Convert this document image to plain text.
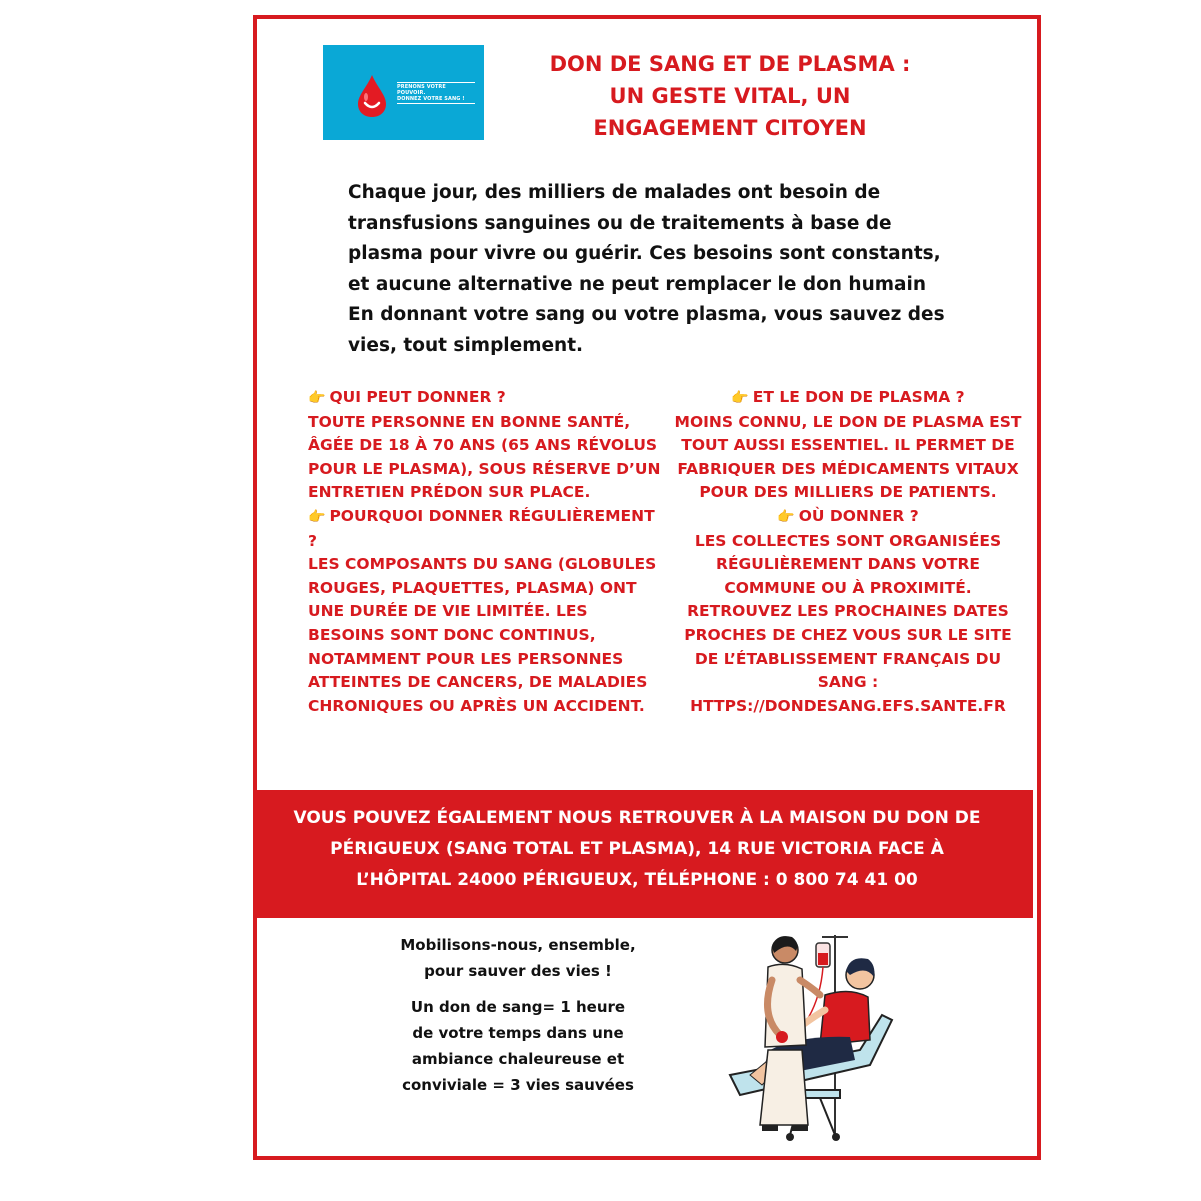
PRENONS VOTRE POUVOIR.
DONNEZ VOTRE SANG !
DON DE SANG ET DE PLASMA :
UN GESTE VITAL, UN
ENGAGEMENT CITOYEN

Chaque jour, des milliers de malades ont besoin de transfusions sanguines ou de traitements à base de plasma pour vivre ou guérir. Ces besoins sont constants, et aucune alternative ne peut remplacer le don humain En donnant votre sang ou votre plasma, vous sauvez des vies, tout simplement.

👉 QUI PEUT DONNER ?

TOUTE PERSONNE EN BONNE SANTÉ, ÂGÉE DE 18 À 70 ANS (65 ANS RÉVOLUS POUR LE PLASMA), SOUS RÉSERVE D’UN ENTRETIEN PRÉDON SUR PLACE.

👉 POURQUOI DONNER RÉGULIÈREMENT ?

LES COMPOSANTS DU SANG (GLOBULES ROUGES, PLAQUETTES, PLASMA) ONT UNE DURÉE DE VIE LIMITÉE. LES BESOINS SONT DONC CONTINUS, NOTAMMENT POUR LES PERSONNES ATTEINTES DE CANCERS, DE MALADIES CHRONIQUES OU APRÈS UN ACCIDENT.

👉 ET LE DON DE PLASMA ?

MOINS CONNU, LE DON DE PLASMA EST TOUT AUSSI ESSENTIEL. IL PERMET DE FABRIQUER DES MÉDICAMENTS VITAUX POUR DES MILLIERS DE PATIENTS.

👉 OÙ DONNER ?

LES COLLECTES SONT ORGANISÉES RÉGULIÈREMENT DANS VOTRE COMMUNE OU À PROXIMITÉ. RETROUVEZ LES PROCHAINES DATES PROCHES DE CHEZ VOUS SUR LE SITE DE L’ÉTABLISSEMENT FRANÇAIS DU SANG :

HTTPS://DONDESANG.EFS.SANTE.FR

VOUS POUVEZ ÉGALEMENT NOUS RETROUVER À LA MAISON DU DON DE PÉRIGUEUX (SANG TOTAL ET PLASMA), 14 RUE VICTORIA FACE À L’HÔPITAL 24000 PÉRIGUEUX, TÉLÉPHONE : 0 800 74 41 00

Mobilisons-nous, ensemble, pour sauver des vies !

Un don de sang= 1 heure de votre temps dans une ambiance chaleureuse et conviviale = 3 vies sauvées
